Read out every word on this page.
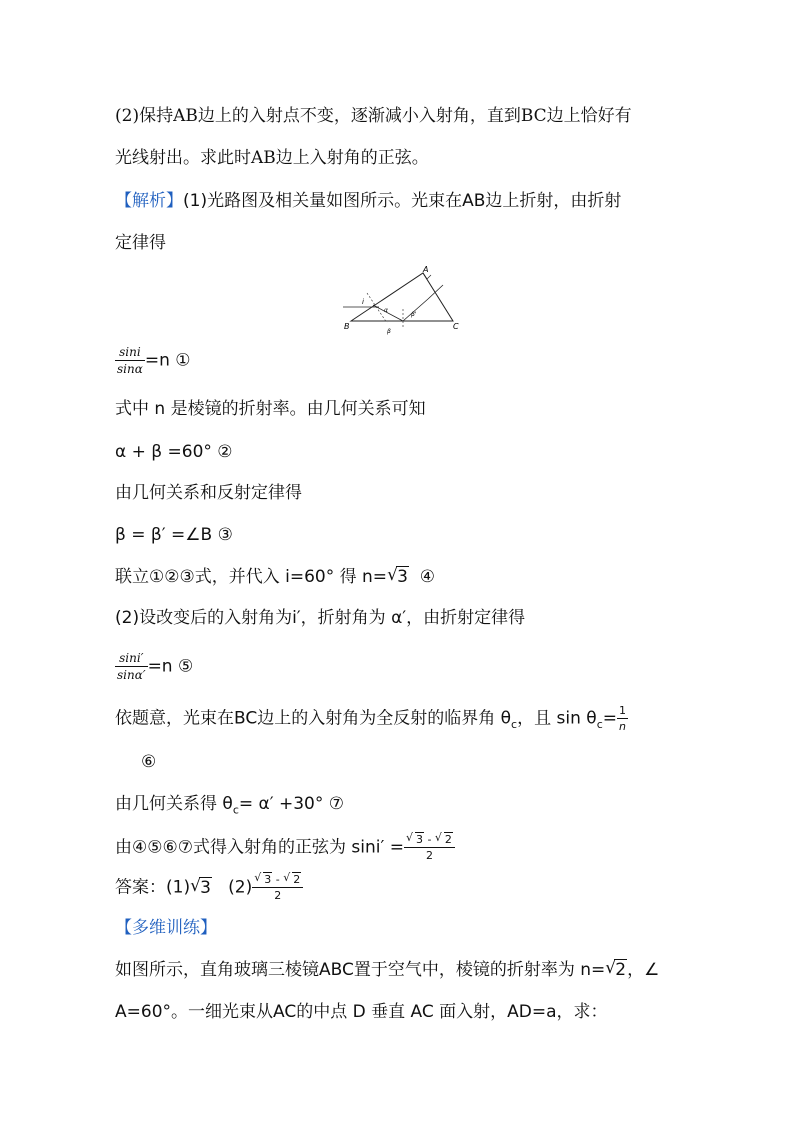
(2)保持AB边上的入射点不变，逐渐减小入射角，直到BC边上恰好有
光线射出。求此时AB边上入射角的正弦。
【解析】(1)光路图及相关量如图所示。光束在AB边上折射，由折射
定律得
A
B	C
i
α
β
β'
$\frac{\sin i}{\sin\alpha} =n$ ①
式中 n 是棱镜的折射率。由几何关系可知
α + β =60° ②
由几何关系和反射定律得
β = β′ =∠B ③
联立①②③式，并代入 i=60° 得 n= √ 3 ④
(2)设改变后的入射角为i′，折射角为 α′，由折射定律得
$\frac{\sin i'}{\sin\alpha'} =n$ ⑤
依题意，光束在BC边上的入射角为全反射的临界角 $\theta_c$，且 $\sin \theta_c= \frac{1}{n}$
⑥
由几何关系得 $\theta_c= \alpha' +30^\circ$ ⑦
由④⑤⑥⑦式得入射角的正弦为 sini′ = √ $\frac{3 - √ 2}{2}$
答案：(1) √ 3   (2) √ $\frac{3 - √ 2}{2}$
【多维训练】
如图所示，直角玻璃三棱镜ABC置于空气中，棱镜的折射率为 n= √ 2，∠
A=60°。一细光束从AC的中点 D 垂直 AC 面入射，AD=a，求：
